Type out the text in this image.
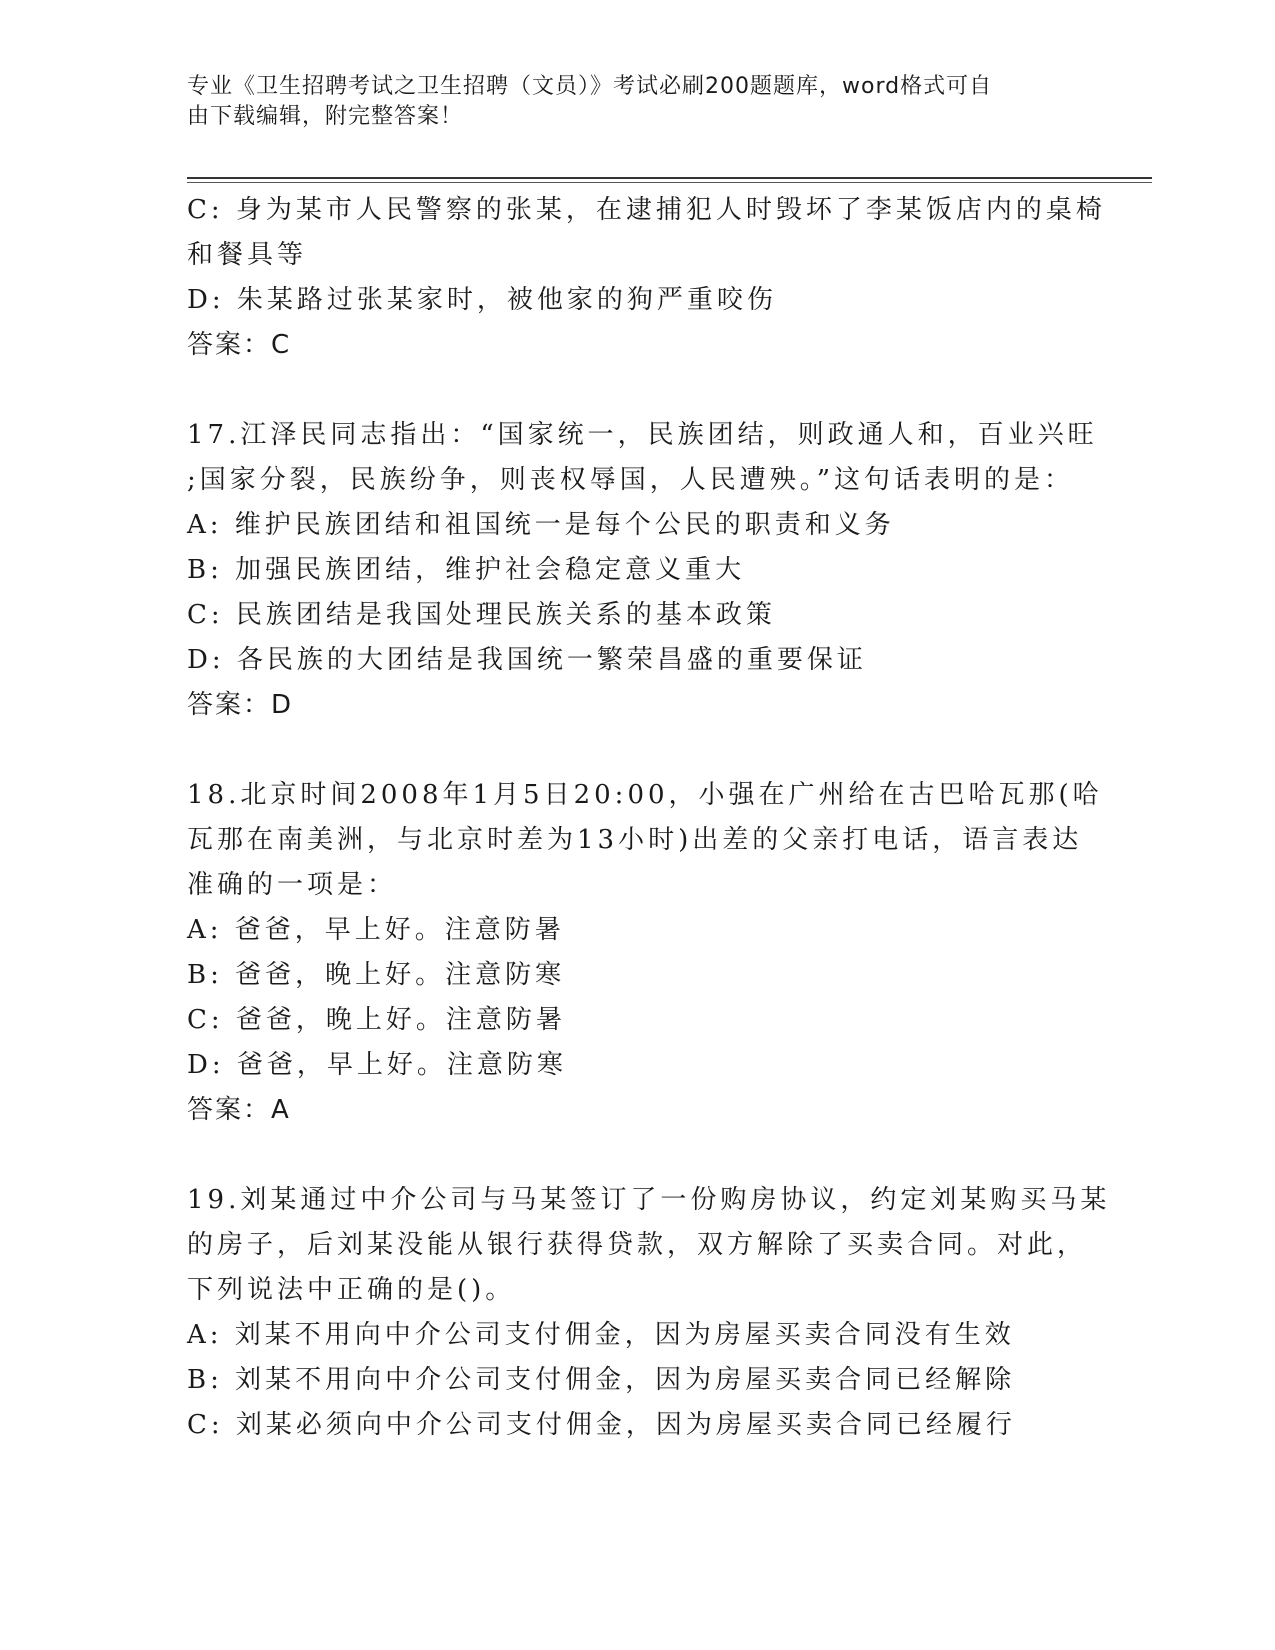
专业《卫生招聘考试之卫生招聘（文员）》考试必刷200题题库，word格式可自
由下载编辑，附完整答案！
C: 身为某市人民警察的张某，在逮捕犯人时毁坏了李某饭店内的桌椅
和餐具等
D: 朱某路过张某家时，被他家的狗严重咬伤
答案：C
17.江泽民同志指出：“国家统一，民族团结，则政通人和，百业兴旺
;国家分裂，民族纷争，则丧权辱国，人民遭殃。”这句话表明的是：
A: 维护民族团结和祖国统一是每个公民的职责和义务
B: 加强民族团结，维护社会稳定意义重大
C: 民族团结是我国处理民族关系的基本政策
D: 各民族的大团结是我国统一繁荣昌盛的重要保证
答案：D
18.北京时间2008年1月5日20:00，小强在广州给在古巴哈瓦那(哈
瓦那在南美洲，与北京时差为13小时)出差的父亲打电话，语言表达
准确的一项是：
A: 爸爸，早上好。注意防暑
B: 爸爸，晚上好。注意防寒
C: 爸爸，晚上好。注意防暑
D: 爸爸，早上好。注意防寒
答案：A
19.刘某通过中介公司与马某签订了一份购房协议，约定刘某购买马某
的房子，后刘某没能从银行获得贷款，双方解除了买卖合同。对此，
下列说法中正确的是()。
A: 刘某不用向中介公司支付佣金，因为房屋买卖合同没有生效
B: 刘某不用向中介公司支付佣金，因为房屋买卖合同已经解除
C: 刘某必须向中介公司支付佣金，因为房屋买卖合同已经履行
